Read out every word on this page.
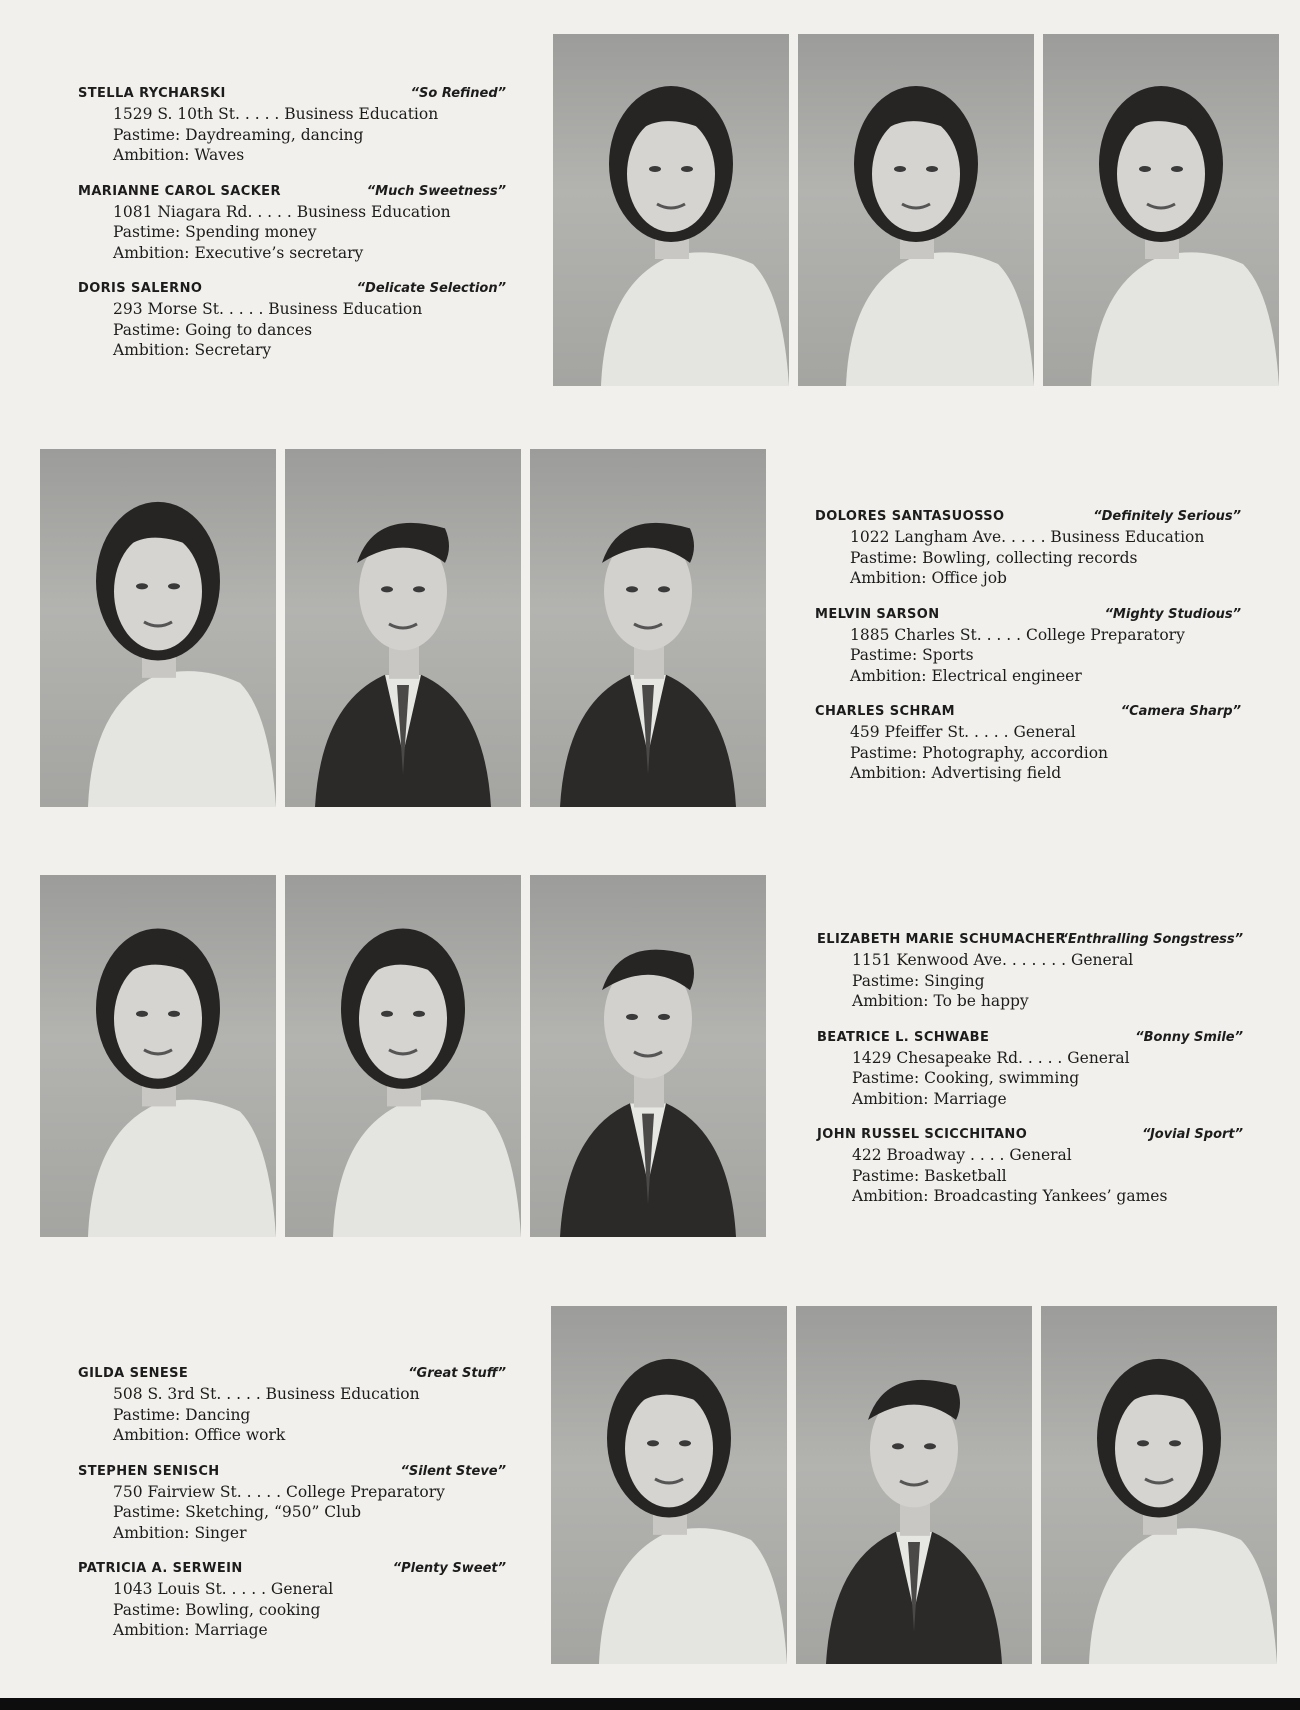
STELLA RYCHARSKI	“So Refined”
1529 S. 10th St. . . . . Business Education
Pastime: Daydreaming, dancing
Ambition: Waves
MARIANNE CAROL SACKER	“Much Sweetness”
1081 Niagara Rd. . . . . Business Education
Pastime: Spending money
Ambition: Executive’s secretary
DORIS SALERNO	“Delicate Selection”
293 Morse St. . . . . Business Education
Pastime: Going to dances
Ambition: Secretary
DOLORES SANTASUOSSO	“Definitely Serious”
1022 Langham Ave. . . . . Business Education
Pastime: Bowling, collecting records
Ambition: Office job
MELVIN SARSON	“Mighty Studious”
1885 Charles St. . . . . College Preparatory
Pastime: Sports
Ambition: Electrical engineer
CHARLES SCHRAM	“Camera Sharp”
459 Pfeiffer St. . . . . General
Pastime: Photography, accordion
Ambition: Advertising field
ELIZABETH MARIE SCHUMACHER
“Enthralling Songstress”
1151 Kenwood Ave. . . . . . . General
Pastime: Singing
Ambition: To be happy
BEATRICE L. SCHWABE	“Bonny Smile”
1429 Chesapeake Rd. . . . . General
Pastime: Cooking, swimming
Ambition: Marriage
JOHN RUSSEL SCICCHITANO	“Jovial Sport”
422 Broadway . . . . General
Pastime: Basketball
Ambition: Broadcasting Yankees’ games
GILDA SENESE	“Great Stuff”
508 S. 3rd St. . . . . Business Education
Pastime: Dancing
Ambition: Office work
STEPHEN SENISCH	“Silent Steve”
750 Fairview St. . . . . College Preparatory
Pastime: Sketching, “950” Club
Ambition: Singer
PATRICIA A. SERWEIN	“Plenty Sweet”
1043 Louis St. . . . . General
Pastime: Bowling, cooking
Ambition: Marriage
